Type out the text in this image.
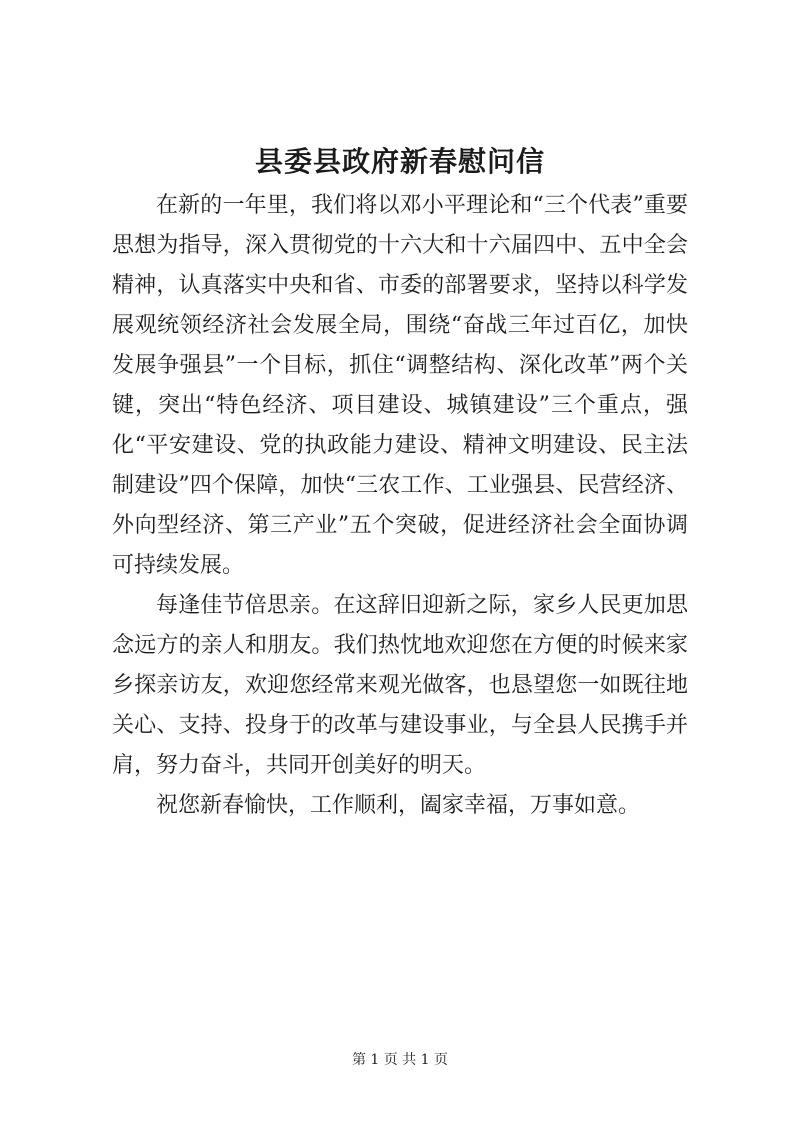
县委县政府新春慰问信

在新的一年里，我们将以邓小平理论和“三个代表”重要思想为指导，深入贯彻党的十六大和十六届四中、五中全会精神，认真落实中央和省、市委的部署要求，坚持以科学发展观统领经济社会发展全局，围绕“奋战三年过百亿，加快发展争强县”一个目标，抓住“调整结构、深化改革”两个关键，突出“特色经济、项目建设、城镇建设”三个重点，强化“平安建设、党的执政能力建设、精神文明建设、民主法制建设”四个保障，加快“三农工作、工业强县、民营经济、外向型经济、第三产业”五个突破，促进经济社会全面协调可持续发展。

每逢佳节倍思亲。在这辞旧迎新之际，家乡人民更加思念远方的亲人和朋友。我们热忱地欢迎您在方便的时候来家乡探亲访友，欢迎您经常来观光做客，也恳望您一如既往地关心、支持、投身于的改革与建设事业，与全县人民携手并肩，努力奋斗，共同开创美好的明天。

祝您新春愉快，工作顺利，阖家幸福，万事如意。

第 1 页 共 1 页
